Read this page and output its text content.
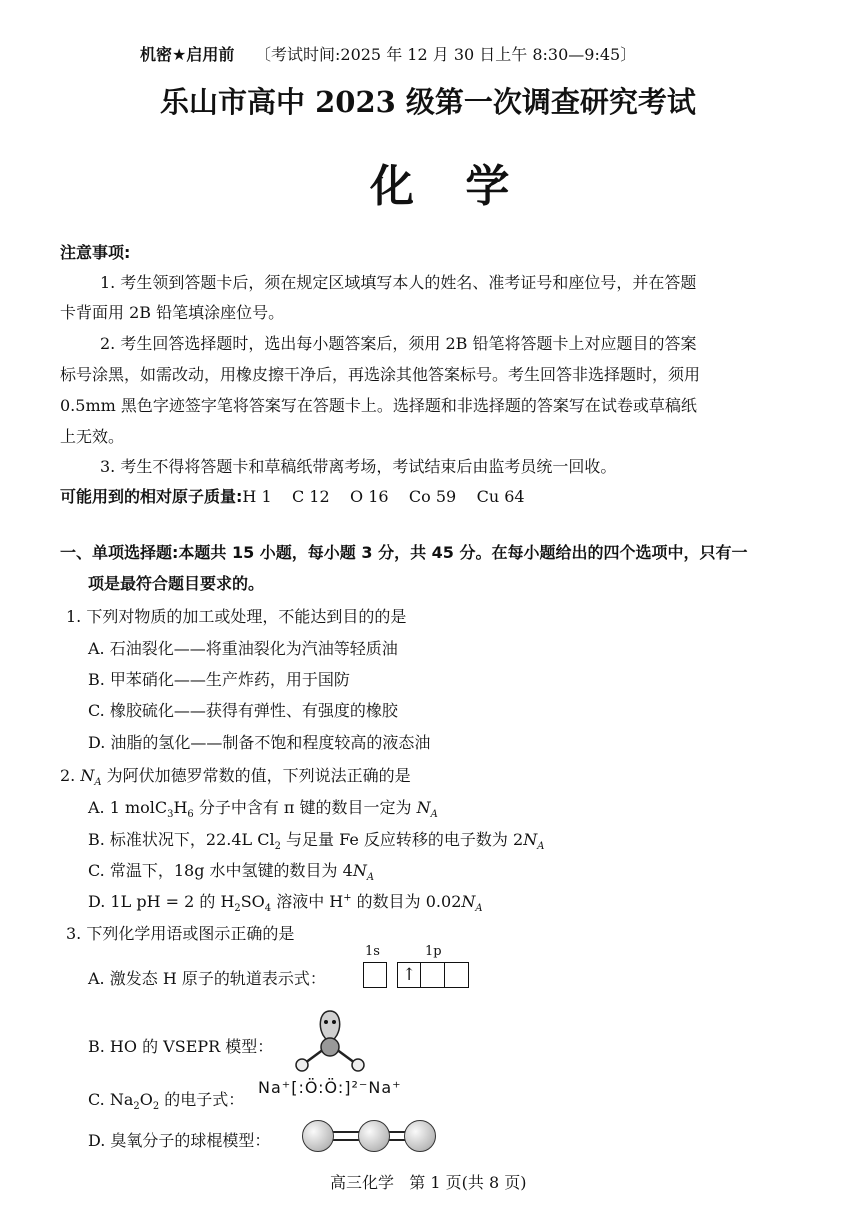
机密★启用前 〔考试时间:2025 年 12 月 30 日上午 8:30—9:45〕
乐山市高中 2023 级第一次调查研究考试
化 学
注意事项:
1. 考生领到答题卡后，须在规定区域填写本人的姓名、准考证号和座位号，并在答题
卡背面用 2B 铅笔填涂座位号。
2. 考生回答选择题时，选出每小题答案后，须用 2B 铅笔将答题卡上对应题目的答案
标号涂黑，如需改动，用橡皮擦干净后，再选涂其他答案标号。考生回答非选择题时，须用
0.5mm 黑色字迹签字笔将答案写在答题卡上。选择题和非选择题的答案写在试卷或草稿纸
上无效。
3. 考生不得将答题卡和草稿纸带离考场，考试结束后由监考员统一回收。
可能用到的相对原子质量:H 1    C 12    O 16    Co 59    Cu 64
一、单项选择题:本题共 15 小题，每小题 3 分，共 45 分。在每小题给出的四个选项中，只有一
项是最符合题目要求的。
1. 下列对物质的加工或处理，不能达到目的的是
A. 石油裂化——将重油裂化为汽油等轻质油
B. 甲苯硝化——生产炸药，用于国防
C. 橡胶硫化——获得有弹性、有强度的橡胶
D. 油脂的氢化——制备不饱和程度较高的液态油
2. $N_A$ 为阿伏加德罗常数的值，下列说法正确的是
A. 1 $molC_3H_6$ 分子中含有 π 键的数目一定为 $N_A$
B. 标准状况下，22.4L $Cl_2$ 与足量 Fe 反应转移的电子数为 $2N_A$
C. 常温下，18g 水中氢键的数目为 $4N_A$
D. 1L pH = 2 的 $H_2SO_4$ 溶液中 H+ 的数目为 $0.02N_A$
3. 下列化学用语或图示正确的是
A. 激发态 H 原子的轨道表示式：
1s	1p
↑
B. HO 的 VSEPR 模型：
C. $Na_2O_2$ 的电子式：
Na⁺[:Ö:Ö:]²⁻Na⁺
D. 臭氧分子的球棍模型：
高三化学   第 1 页(共 8 页)
